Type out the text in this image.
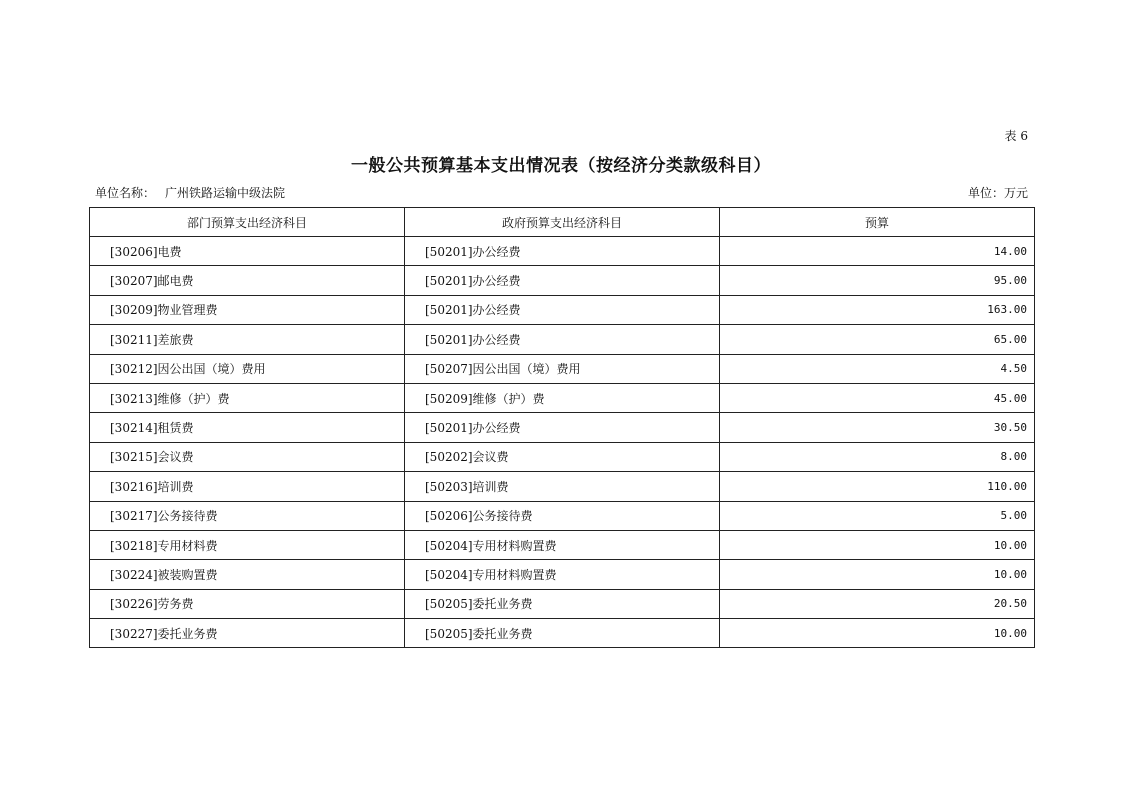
表 6
一般公共预算基本支出情况表（按经济分类款级科目）
单位名称： 广州铁路运输中级法院	单位：万元
部门预算支出经济科目	政府预算支出经济科目	预算
[30206]电费	[50201]办公经费	14.00
[30207]邮电费	[50201]办公经费	95.00
[30209]物业管理费	[50201]办公经费	163.00
[30211]差旅费	[50201]办公经费	65.00
[30212]因公出国（境）费用	[50207]因公出国（境）费用	4.50
[30213]维修（护）费	[50209]维修（护）费	45.00
[30214]租赁费	[50201]办公经费	30.50
[30215]会议费	[50202]会议费	8.00
[30216]培训费	[50203]培训费	110.00
[30217]公务接待费	[50206]公务接待费	5.00
[30218]专用材料费	[50204]专用材料购置费	10.00
[30224]被装购置费	[50204]专用材料购置费	10.00
[30226]劳务费	[50205]委托业务费	20.50
[30227]委托业务费	[50205]委托业务费	10.00
